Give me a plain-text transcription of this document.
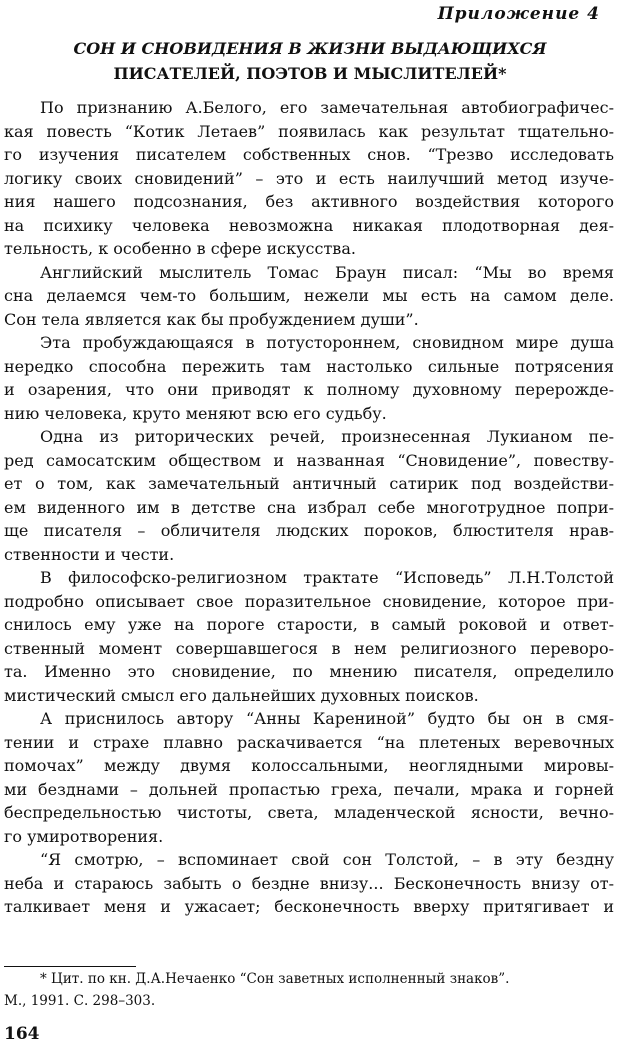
Приложение 4
СОН И СНОВИДЕНИЯ В ЖИЗНИ ВЫДАЮЩИХСЯ
ПИСАТЕЛЕЙ, ПОЭТОВ И МЫСЛИТЕЛЕЙ*

По признанию А.Белого, его замечательная автобиографичес-
кая повесть “Котик Летаев” появилась как результат тщательно-
го изучения писателем собственных снов. “Трезво исследовать
логику своих сновидений” – это и есть наилучший метод изуче-
ния нашего подсознания, без активного воздействия которого
на психику человека невозможна никакая плодотворная дея-
тельность, к особенно в сфере искусства.

Английский мыслитель Томас Браун писал: “Мы во время
сна делаемся чем-то большим, нежели мы есть на самом деле.
Сон тела является как бы пробуждением души”.

Эта пробуждающаяся в потустороннем, сновидном мире душа
нередко способна пережить там настолько сильные потрясения
и озарения, что они приводят к полному духовному перерожде-
нию человека, круто меняют всю его судьбу.

Одна из риторических речей, произнесенная Лукианом пе-
ред самосатским обществом и названная “Сновидение”, повеству-
ет о том, как замечательный античный сатирик под воздействи-
ем виденного им в детстве сна избрал себе многотрудное попри-
ще писателя – обличителя людских пороков, блюстителя нрав-
ственности и чести.

В философско-религиозном трактате “Исповедь” Л.Н.Толстой
подробно описывает свое поразительное сновидение, которое при-
снилось ему уже на пороге старости, в самый роковой и ответ-
ственный момент совершавшегося в нем религиозного переворо-
та. Именно это сновидение, по мнению писателя, определило
мистический смысл его дальнейших духовных поисков.

А приснилось автору “Анны Карениной” будто бы он в смя-
тении и страхе плавно раскачивается “на плетеных веревочных
помочах” между двумя колоссальными, неоглядными мировы-
ми безднами – дольней пропастью греха, печали, мрака и горней
беспредельностью чистоты, света, младенческой ясности, вечно-
го умиротворения.

“Я смотрю, – вспоминает свой сон Толстой, – в эту бездну
неба и стараюсь забыть о бездне внизу... Бесконечность внизу от-
талкивает меня и ужасает; бесконечность вверху притягивает и

* Цит. по кн. Д.А.Нечаенко “Сон заветных исполненный знаков”.
М., 1991. С. 298–303.
164
